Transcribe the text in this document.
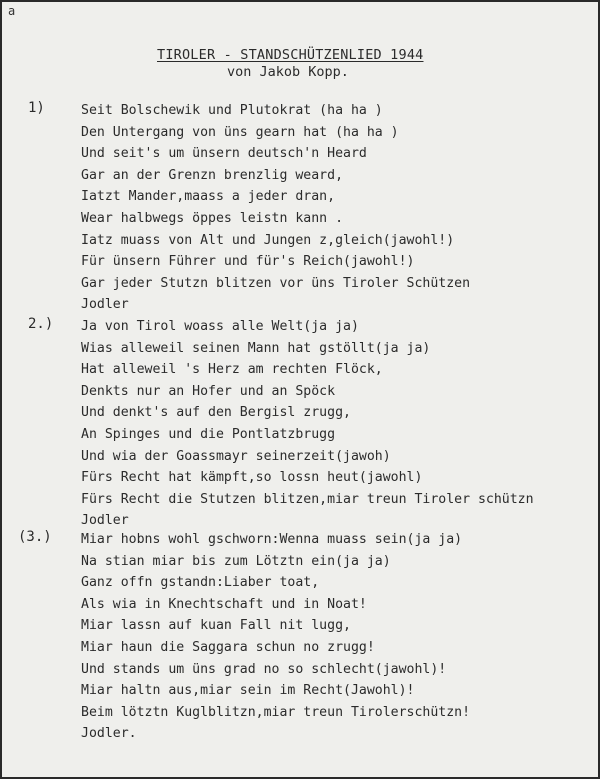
a
TIROLER - STANDSCHÜTZENLIED 1944
von Jakob Kopp.
1)	Seit Bolschewik und Plutokrat (ha ha )
Den Untergang von üns gearn hat (ha ha )
Und seit's um ünsern deutsch'n Heard
Gar an der Grenzn brenzlig weard,
Iatzt Mander,maass a jeder dran,
Wear halbwegs öppes leistn kann .
Iatz muass von Alt und Jungen z,gleich(jawohl!)
Für ünsern Führer und für's Reich(jawohl!)
Gar jeder Stutzn blitzen vor üns Tiroler Schützen
Jodler
2.) Ja von Tirol woass alle Welt(ja ja)
Wias alleweil seinen Mann hat gstöllt(ja ja)
Hat alleweil 's Herz am rechten Flöck,
Denkts nur an Hofer und an Spöck
Und denkt's auf den Bergisl zrugg,
An Spinges und die Pontlatzbrugg
Und wia der Goassmayr seinerzeit(jawoh)
Fürs Recht hat kämpft,so lossn heut(jawohl)
Fürs Recht die Stutzen blitzen,miar treun Tiroler schützn
Jodler
(3.) Miar hobns wohl gschworn:Wenna muass sein(ja ja)
Na stian miar bis zum Lötztn ein(ja ja)
Ganz offn gstandn:Liaber toat,
Als wia in Knechtschaft und in Noat!
Miar lassn auf kuan Fall nit lugg,
Miar haun die Saggara schun no zrugg!
Und stands um üns grad no so schlecht(jawohl)!
Miar haltn aus,miar sein im Recht(Jawohl)!
Beim lötztn Kuglblitzn,miar treun Tirolerschützn!
Jodler.
